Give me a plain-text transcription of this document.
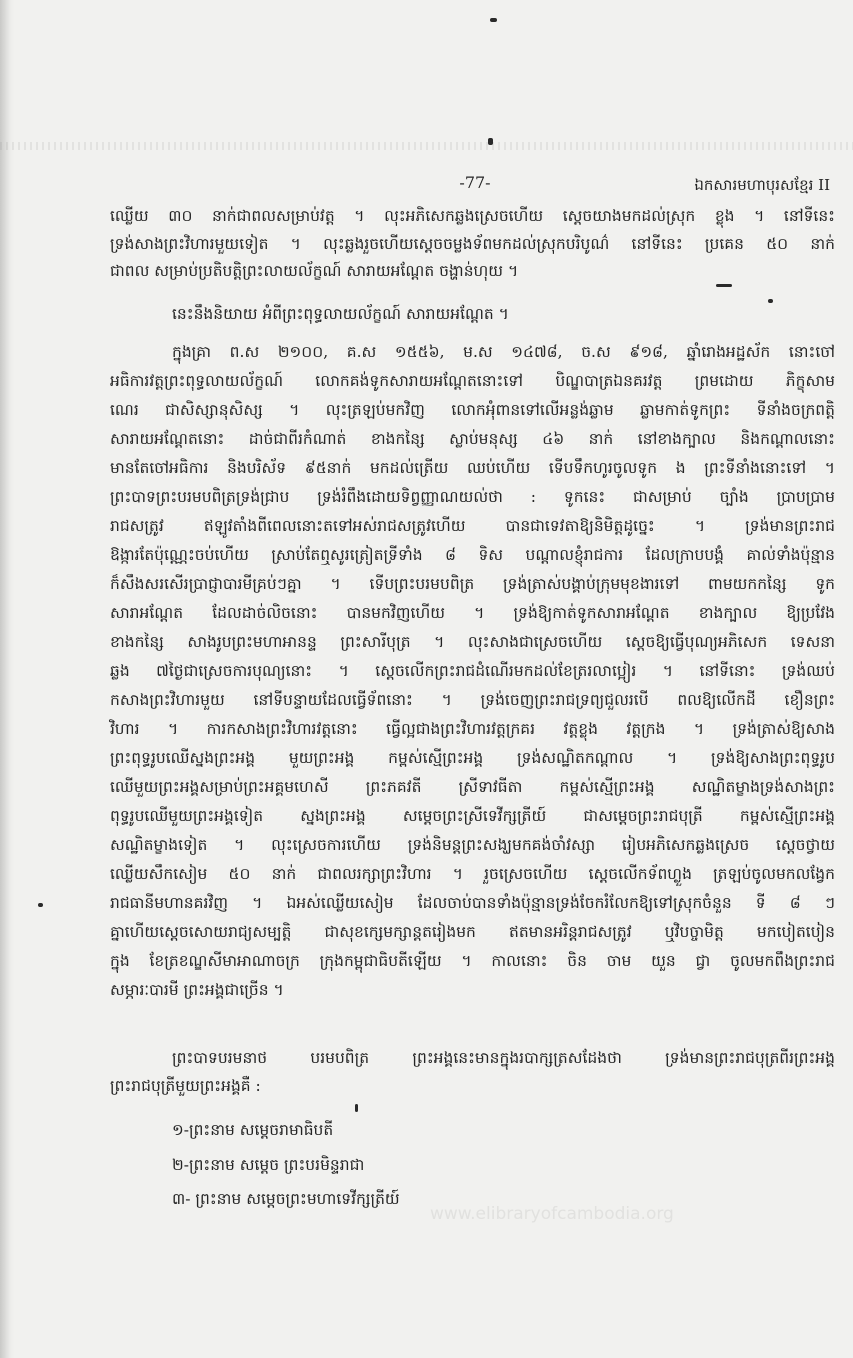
-77-	ឯកសារមហាបុរសខ្មែរ II
ឈ្លើយ ៣០ នាក់ជាពលសម្រាប់វត្ត ។ លុះអភិសេកឆ្លងស្រេចហើយ ស្តេចយាងមកដល់ស្រុក ខ្លុង ។ នៅទីនេះ
ទ្រង់សាងព្រះវិហារមួយទៀត ។ លុះឆ្លងរួចហើយស្តេចចម្លងទ័ពមកដល់ស្រុកបរិបូណ៌ នៅទីនេះ ប្រគេន ៥០ នាក់
ជាពល សម្រាប់ប្រតិបត្តិព្រះលាយល័ក្ខណ៍ សារាយអណ្តែត ចង្ហាន់ហុយ ។
នេះនឹងនិយាយ អំពីព្រះពុទ្ធលាយល័ក្ខណ៍ សារាយអណ្តែត ។
ក្នុងគ្រា ព.ស ២១០០, គ.ស ១៥៥៦, ម.ស ១៤៧៨, ច.ស ៩១៨, ឆ្នាំរោងអដ្ឋស័ក នោះចៅ
អធិការវត្តព្រះពុទ្ធលាយល័ក្ខណ៍ លោកគង់ទូកសារាយអណ្តែតនោះទៅ បិណ្ឌបាត្រឯនគរវត្ត ព្រមដោយ ភិក្ខុសាម
ណេរ ជាសិស្សានុសិស្ស ។ លុះត្រឡប់មកវិញ លោកអុំពានទៅលើអន្លង់ឆ្លាម ឆ្លាមកាត់ទូកព្រះ ទីនាំងចក្រពត្តិ
សារាយអណ្តែតនោះ ដាច់ជាពីរកំណាត់ ខាងកន្សៃ ស្លាប់មនុស្ស ៤៦ នាក់ នៅខាងក្បាល និងកណ្តាលនោះ
មានតែចៅអធិការ និងបរិស័ទ ៩៥នាក់ មកដល់ត្រើយ ឈប់ហើយ ទើបទឹកហូរចូលទូក ង ព្រះទីនាំងនោះទៅ ។
ព្រះបាទព្រះបរមបពិត្រទ្រង់ជ្រាប ទ្រង់រំពឹងដោយទិព្វញ្ញាណយល់ថា : ទូកនេះ ជាសម្រាប់ ច្បាំង ប្រាបប្រាម
រាជសត្រូវ ឥឡូវតាំងពីពេលនោះតទៅអស់រាជសត្រូវហើយ បានជាទេវតាឱ្យនិមិត្តដូច្នេះ ។ ទ្រង់មានព្រះរាជ
ឱង្ការតែប៉ុណ្ណេះចប់ហើយ ស្រាប់តែឮសូរត្រៀតទ្រីទាំង ៨ ទិស បណ្តាលខ្ញុំរាជការ ដែលក្រាបបង្គំ គាល់ទាំងប៉ុន្មាន
ក៏សឹងសរសើរប្រាជ្ញាបារមីគ្រប់ៗគ្នា ។ ទើបព្រះបរមបពិត្រ ទ្រង់ត្រាស់បង្គាប់ក្រុមមុខងារទៅ ពាមយកកន្សៃ ទូក
សារាអណ្តែត ដែលដាច់លិចនោះ បានមកវិញហើយ ។ ទ្រង់ឱ្យកាត់ទូកសារាអណ្តែត ខាងក្បាល ឱ្យប្រវែង
ខាងកន្សៃ សាងរូបព្រះមហាអានន្ទ ព្រះសារីបុត្រ ។ លុះសាងជាស្រេចហើយ ស្តេចឱ្យធ្វើបុណ្យអភិសេក ទេសនា
ឆ្លង ៧ថ្ងៃជាស្រេចការបុណ្យនោះ ។ ស្តេចលើកព្រះរាជដំណើរមកដល់ខែត្ររលាប្អៀរ ។ នៅទីនោះ ទ្រង់ឈប់
កសាងព្រះវិហារមួយ នៅទីបន្ទាយដែលធ្វើទ័ពនោះ ។ ទ្រង់ចេញព្រះរាជទ្រព្យជួលរបើ ពលឱ្យលើកដី ខឿនព្រះ
វិហារ ។ ការកសាងព្រះវិហារវត្តនោះ ធ្វើល្អជាងព្រះវិហារវត្តក្រគរ វត្តខ្លុង វត្តក្រង ។ ទ្រង់ត្រាស់ឱ្យសាង
ព្រះពុទ្ធរូបឈើស្នងព្រះអង្គ មួយព្រះអង្គ កម្ពស់ស្មើព្រះអង្គ ទ្រង់សណ្ឋិតកណ្តាល ។ ទ្រង់ឱ្យសាងព្រះពុទ្ធរូប
ឈើមួយព្រះអង្គសម្រាប់ព្រះអគ្គមហេសី ព្រះភគវតី ស្រីទាវធីតា កម្ពស់ស្មើព្រះអង្គ សណ្ឋិតម្ខាងទ្រង់សាងព្រះ
ពុទ្ធរូបឈើមួយព្រះអង្គទៀត ស្នងព្រះអង្គ សម្តេចព្រះស្រីទេវីក្សត្រីយ៍ ជាសម្តេចព្រះរាជបុត្រី កម្ពស់ស្មើព្រះអង្គ
សណ្ឋិតម្ខាងទៀត ។ លុះស្រេចការហើយ ទ្រង់និមន្តព្រះសង្ឃមកគង់ចាំវស្សា រៀបអភិសេកឆ្លងស្រេច ស្តេចថ្វាយ
ឈ្លើយសឹកសៀម ៥០ នាក់ ជាពលរក្សាព្រះវិហារ ។ រួចស្រេចហើយ ស្តេចលើកទ័ពហ្លួង ត្រឡប់ចូលមកលង្វែក
រាជធានីមហានគរវិញ ។ ឯអស់ឈ្លើយសៀម ដែលចាប់បានទាំងប៉ុន្មានទ្រង់ចែករំលែកឱ្យទៅស្រុកចំនួន ទី ៨ ៗ
គ្នាហើយស្តេចសោយរាជ្យសម្បត្តិ ជាសុខក្សេមក្សាន្តតរៀងមក ឥតមានអរិន្តរាជសត្រូវ ឬវិបច្ចាមិត្ត មកបៀតបៀន
ក្នុង ខែត្រខណ្ឌសីមាអាណាចក្រ ក្រុងកម្ពុជាធិបតីឡើយ ។ កាលនោះ ចិន ចាម យួន ជ្វា ចូលមកពឹងព្រះរាជ
សម្ភារៈបារមី ព្រះអង្គជាច្រើន ។
ព្រះបាទបរមនាថ បរមបពិត្រ ព្រះអង្គនេះមានក្នុងរបាក្សត្រសដែងថា ទ្រង់មានព្រះរាជបុត្រពីរព្រះអង្គ
ព្រះរាជបុត្រីមួយព្រះអង្គគឺ :
១-ព្រះនាម សម្តេចរាមាធិបតី
២-ព្រះនាម សម្តេច ព្រះបរមិន្ទរាជា
៣- ព្រះនាម សម្តេចព្រះមហាទេវីក្សត្រីយ៍
www.elibraryofcambodia.org
